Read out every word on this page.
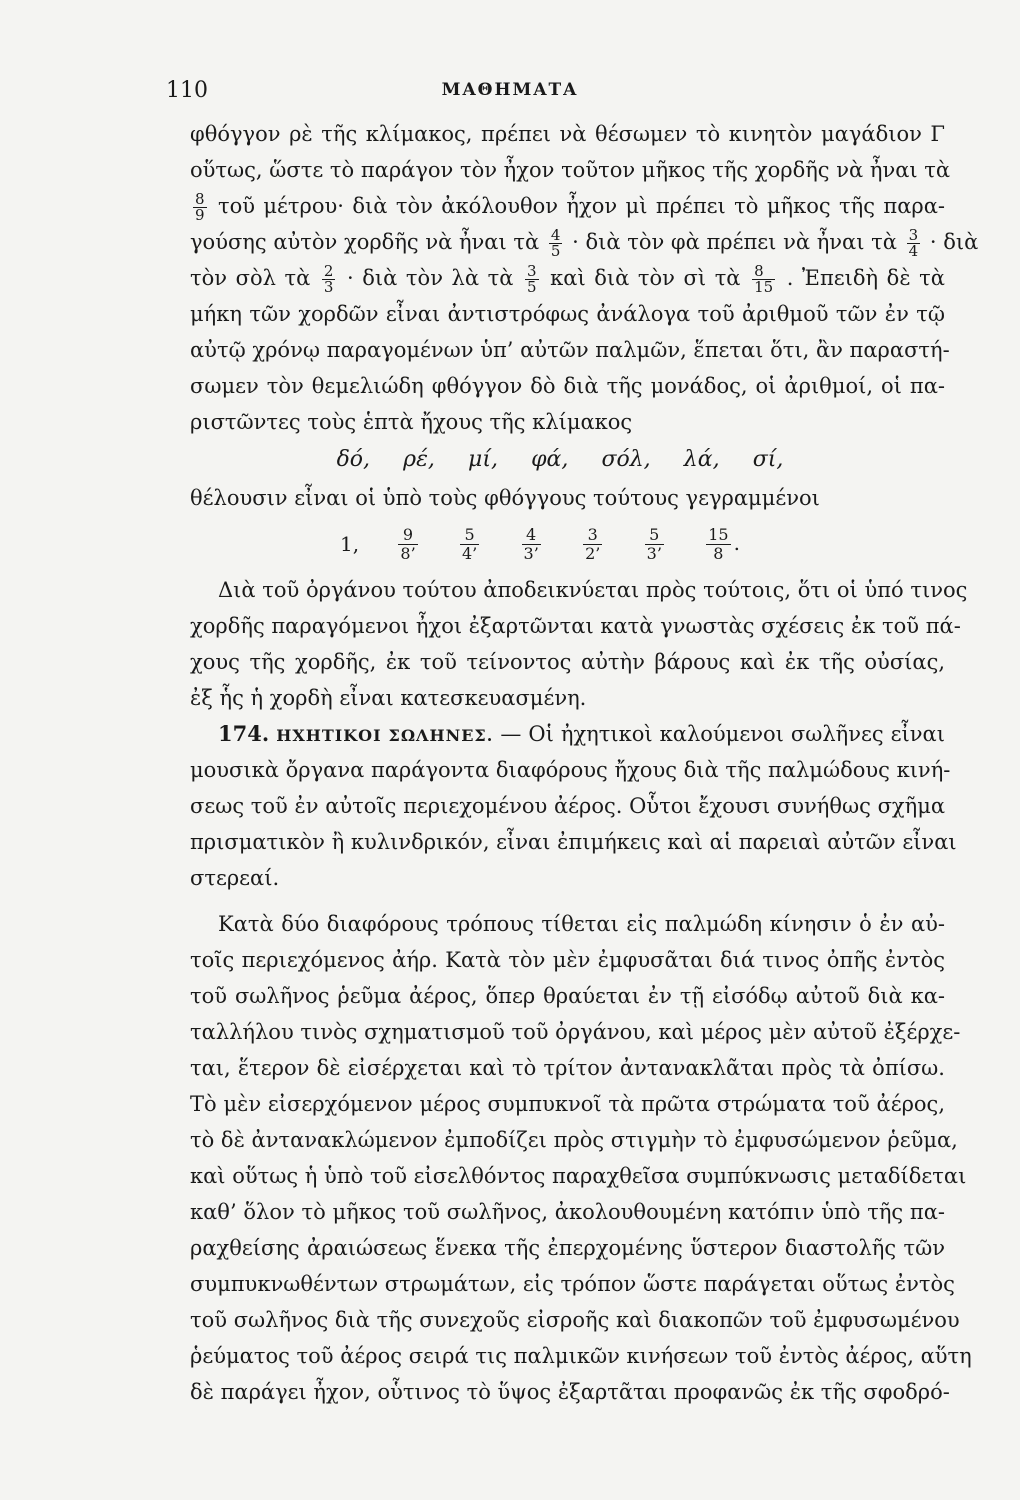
110	ΜΑΘΗΜΑΤΑ
φθόγγον ρὲ τῆς κλίμακος, πρέπει νὰ θέσωμεν τὸ κινητὸν μαγάδιον Γ
οὕτως, ὥστε τὸ παράγον τὸν ἦχον τοῦτον μῆκος τῆς χορδῆς νὰ ἦναι τὰ
$\frac{8}{9}$ τοῦ μέτρου· διὰ τὸν ἀκόλουθον ἦχον μὶ πρέπει τὸ μῆκος τῆς παρα-
γούσης αὐτὸν χορδῆς νὰ ἦναι τὰ $\frac{4}{5}$ · διὰ τὸν φὰ πρέπει νὰ ἦναι τὰ $\frac{3}{4}$ · διὰ
τὸν σὸλ τὰ $\frac{2}{3}$ · διὰ τὸν λὰ τὰ $\frac{3}{5}$ καὶ διὰ τὸν σὶ τὰ $\frac{8}{15}$ . Ἐπειδὴ δὲ τὰ
μήκη τῶν χορδῶν εἶναι ἀντιστρόφως ἀνάλογα τοῦ ἀριθμοῦ τῶν ἐν τῷ
αὐτῷ χρόνῳ παραγομένων ὑπ’ αὐτῶν παλμῶν, ἕπεται ὅτι, ἂν παραστή-
σωμεν τὸν θεμελιώδη φθόγγον δὸ διὰ τῆς μονάδος, οἱ ἀριθμοί, οἱ πα-
ριστῶντες τοὺς ἑπτὰ ἤχους τῆς κλίμακος
δό, ρέ, μί, φά, σόλ, λά, σί,
θέλουσιν εἶναι οἱ ὑπὸ τοὺς φθόγγους τούτους γεγραμμένοι
1, $\frac{9}{8’}$	$\frac{5}{4’}$	$\frac{4}{3’}$	$\frac{3}{2’}$	$\frac{5}{3’}$	$\frac{15}{8}$ .
Διὰ τοῦ ὀργάνου τούτου ἀποδεικνύεται πρὸς τούτοις, ὅτι οἱ ὑπό τινος
χορδῆς παραγόμενοι ἦχοι ἐξαρτῶνται κατὰ γνωστὰς σχέσεις ἐκ τοῦ πά-
χους τῆς χορδῆς, ἐκ τοῦ τείνοντος αὐτὴν βάρους καὶ ἐκ τῆς οὐσίας,
ἐξ ἧς ἡ χορδὴ εἶναι κατεσκευασμένη.
174. ΗΧΗΤΙΚΟΙ ΣΩΛΗΝΕΣ. — Οἱ ἠχητικοὶ καλούμενοι σωλῆνες εἶναι
μουσικὰ ὄργανα παράγοντα διαφόρους ἤχους διὰ τῆς παλμώδους κινή-
σεως τοῦ ἐν αὐτοῖς περιεχομένου ἀέρος. Οὗτοι ἔχουσι συνήθως σχῆμα
πρισματικὸν ἢ κυλινδρικόν, εἶναι ἐπιμήκεις καὶ αἱ παρειαὶ αὐτῶν εἶναι
στερεαί.
Κατὰ δύο διαφόρους τρόπους τίθεται εἰς παλμώδη κίνησιν ὁ ἐν αὐ-
τοῖς περιεχόμενος ἀήρ. Κατὰ τὸν μὲν ἐμφυσᾶται διά τινος ὀπῆς ἐντὸς
τοῦ σωλῆνος ῥεῦμα ἀέρος, ὅπερ θραύεται ἐν τῇ εἰσόδῳ αὐτοῦ διὰ κα-
ταλλήλου τινὸς σχηματισμοῦ τοῦ ὀργάνου, καὶ μέρος μὲν αὐτοῦ ἐξέρχε-
ται, ἕτερον δὲ εἰσέρχεται καὶ τὸ τρίτον ἀντανακλᾶται πρὸς τὰ ὀπίσω.
Τὸ μὲν εἰσερχόμενον μέρος συμπυκνοῖ τὰ πρῶτα στρώματα τοῦ ἀέρος,
τὸ δὲ ἀντανακλώμενον ἐμποδίζει πρὸς στιγμὴν τὸ ἐμφυσώμενον ῥεῦμα,
καὶ οὕτως ἡ ὑπὸ τοῦ εἰσελθόντος παραχθεῖσα συμπύκνωσις μεταδίδεται
καθ’ ὅλον τὸ μῆκος τοῦ σωλῆνος, ἀκολουθουμένη κατόπιν ὑπὸ τῆς πα-
ραχθείσης ἀραιώσεως ἕνεκα τῆς ἐπερχομένης ὕστερον διαστολῆς τῶν
συμπυκνωθέντων στρωμάτων, εἰς τρόπον ὥστε παράγεται οὕτως ἐντὸς
τοῦ σωλῆνος διὰ τῆς συνεχοῦς εἰσροῆς καὶ διακοπῶν τοῦ ἐμφυσωμένου
ῥεύματος τοῦ ἀέρος σειρά τις παλμικῶν κινήσεων τοῦ ἐντὸς ἀέρος, αὕτη
δὲ παράγει ἦχον, οὗτινος τὸ ὕψος ἐξαρτᾶται προφανῶς ἐκ τῆς σφοδρό-
